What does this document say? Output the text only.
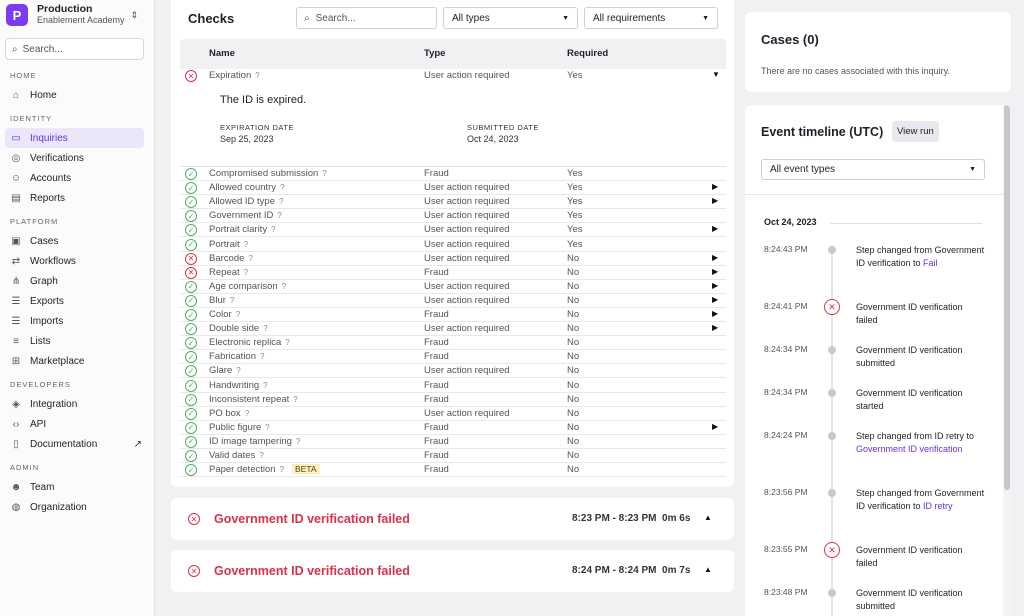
P	Production
Enablement Academy
⇕
⌕ Search...
HOME
⌂ Home
IDENTITY
▭ Inquiries
◎ Verifications
☺ Accounts
▤ Reports
PLATFORM
▣ Cases
⇄ Workflows
⋔ Graph
☰ Exports
☰ Imports
≡	Lists
⊞ Marketplace
DEVELOPERS
◈ Integration
‹› API
▯	Documentation	↗
ADMIN
☻ Team
◍ Organization
Checks	⌕ Search...	All types	▼ All requirements	▼
Name	Type	Required
The ID is expired.
EXPIRATION DATE
Sep 25, 2023
SUBMITTED DATE
Oct 24, 2023
✕ Expiration ?	User action required	Yes	▼
✓ Compromised submission ?	Fraud	Yes
✓ Allowed country ?	User action required	Yes	▶
✓ Allowed ID type ?	User action required	Yes	▶
✓ Government ID ?	User action required	Yes
✓ Portrait clarity ?	User action required	Yes	▶
✓ Portrait ?	User action required	Yes
✕ Barcode ?	User action required	No	▶
✕ Repeat ?	Fraud	No	▶
✓ Age comparison ?	User action required	No	▶
✓ Blur ?	User action required	No	▶
✓ Color ?	Fraud	No	▶
✓ Double side ?	User action required	No	▶
✓ Electronic replica ?	Fraud	No
✓ Fabrication ?	Fraud	No
✓ Glare ?	User action required	No
✓ Handwriting ?	Fraud	No
✓ Inconsistent repeat ?	Fraud	No
✓ PO box ?	User action required	No
✓ Public figure ?	Fraud	No	▶
✓ ID image tampering ?	Fraud	No
✓ Valid dates ?	Fraud	No
✓ Paper detection ? BETA	Fraud	No
✕ Government ID verification failed	8:23 PM - 8:23 PM 0m 6s ▲
✕ Government ID verification failed	8:24 PM - 8:24 PM 0m 7s ▲
Cases (0)
There are no cases associated with this inquiry.
Event timeline (UTC)	View run
All event types	▼
Oct 24, 2023
8:24:43 PM	Step changed from Government ID verification to Fail
8:24:41 PM	✕	Government ID verification failed
8:24:34 PM	Government ID verification submitted
8:24:34 PM	Government ID verification started
8:24:24 PM	Step changed from ID retry to Government ID verification
8:23:56 PM	Step changed from Government ID verification to ID retry
8:23:55 PM	✕	Government ID verification failed
8:23:48 PM	Government ID verification submitted
